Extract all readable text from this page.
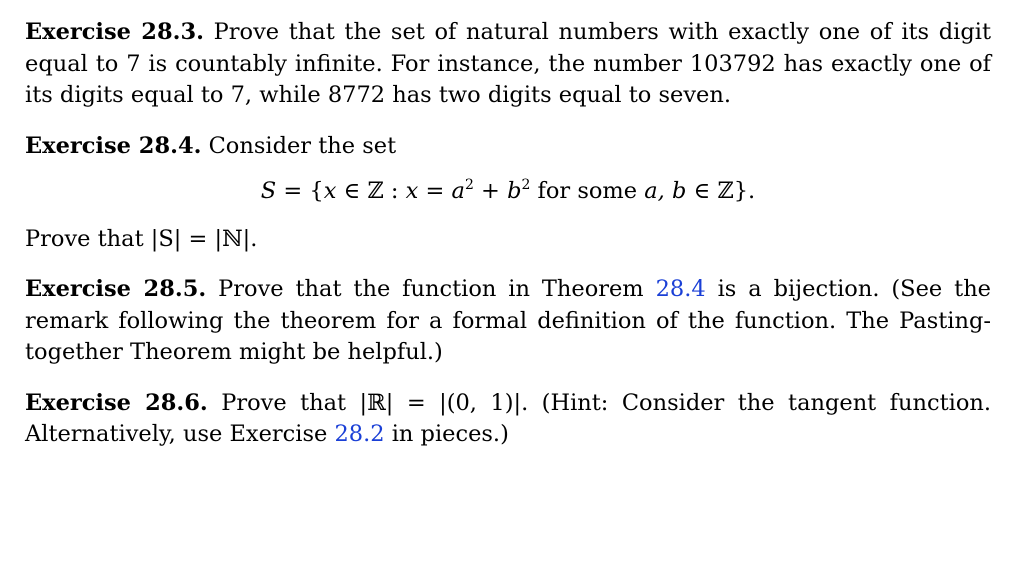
Exercise 28.3. Prove that the set of natural numbers with exactly one of its digit equal to 7 is countably infinite. For instance, the number 103792 has exactly one of its digits equal to 7, while 8772 has two digits equal to seven.

Exercise 28.4. Consider the set

S = {x ∈ ℤ : $x = a^2 + b^2$ for some a, b ∈ ℤ}.

Prove that |S| = |ℕ|.

Exercise 28.5. Prove that the function in Theorem 28.4 is a bijection. (See the remark following the theorem for a formal definition of the function. The Pasting-together Theorem might be helpful.)

Exercise 28.6. Prove that |ℝ| = |(0, 1)|. (Hint: Consider the tangent function. Alternatively, use Exercise 28.2 in pieces.)
